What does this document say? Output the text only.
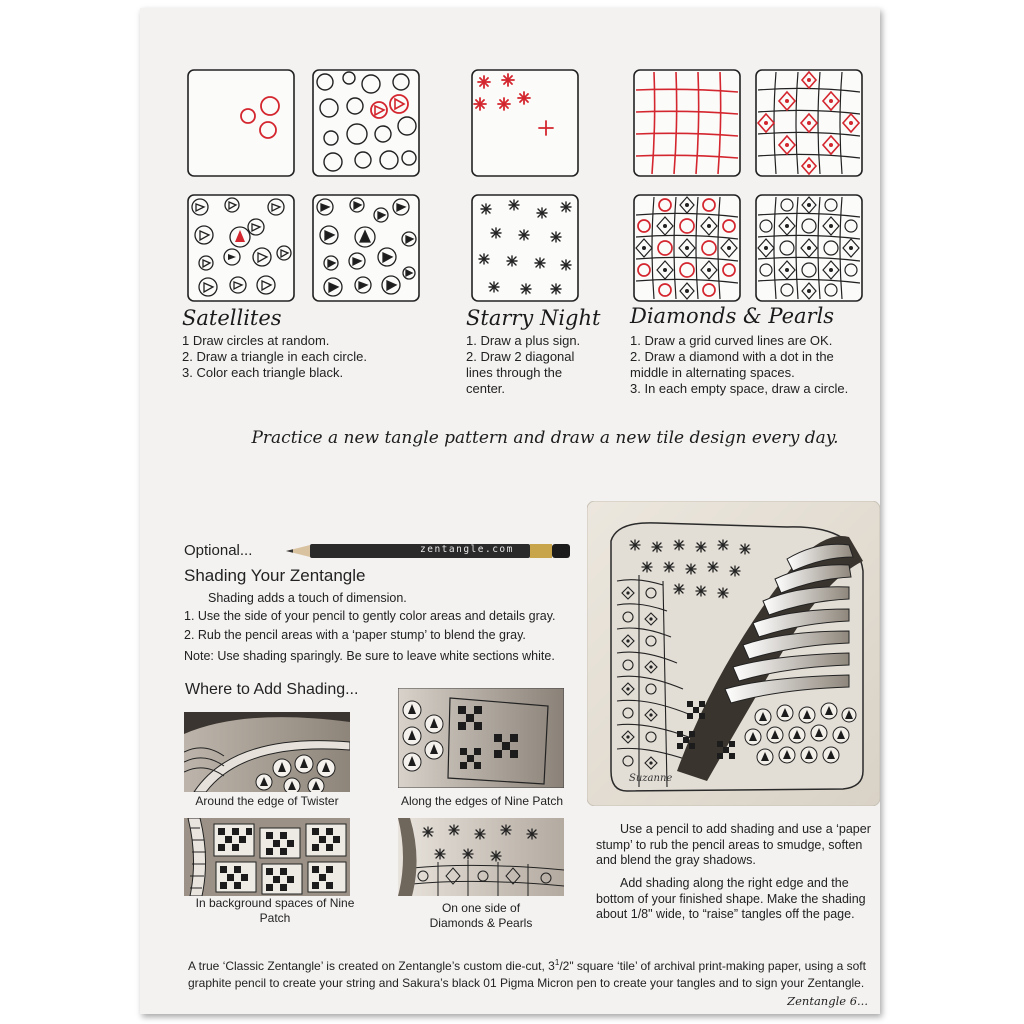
Satellites
1 Draw circles at random.
2. Draw a triangle in each circle.
3. Color each triangle black.
Starry Night
1. Draw a plus sign.
2. Draw 2 diagonal lines through the center.
Diamonds & Pearls
1. Draw a grid curved lines are OK.
2. Draw a diamond with a dot in the middle in alternating spaces.
3. In each empty space, draw a circle.
Practice a new tangle pattern and draw a new tile design every day.
Optional...	zentangle.com
Shading Your Zentangle
Shading adds a touch of dimension.
1. Use the side of your pencil to gently color areas and details gray.
2. Rub the pencil areas with a ‘paper stump’ to blend the gray.
Note: Use shading sparingly. Be sure to leave white sections white.
Where to Add Shading...
Around the edge of Twister	Along the edges of Nine Patch
In background spaces of Nine Patch
On one side of Diamonds & Pearls
Suzanne
Use a pencil to add shading and use a ‘paper stump’ to rub the pencil areas to smudge, soften and blend the gray shadows.
Add shading along the right edge and the bottom of your finished shape. Make the shading about 1/8" wide, to “raise” tangles off the page.
A true ‘Classic Zentangle’ is created on Zentangle’s custom die-cut, $3^1/2$" square ‘tile’ of archival print-making paper, using a soft graphite pencil to create your string and Sakura’s black 01 Pigma Micron pen to create your tangles and to sign your Zentangle.
Zentangle 6...
